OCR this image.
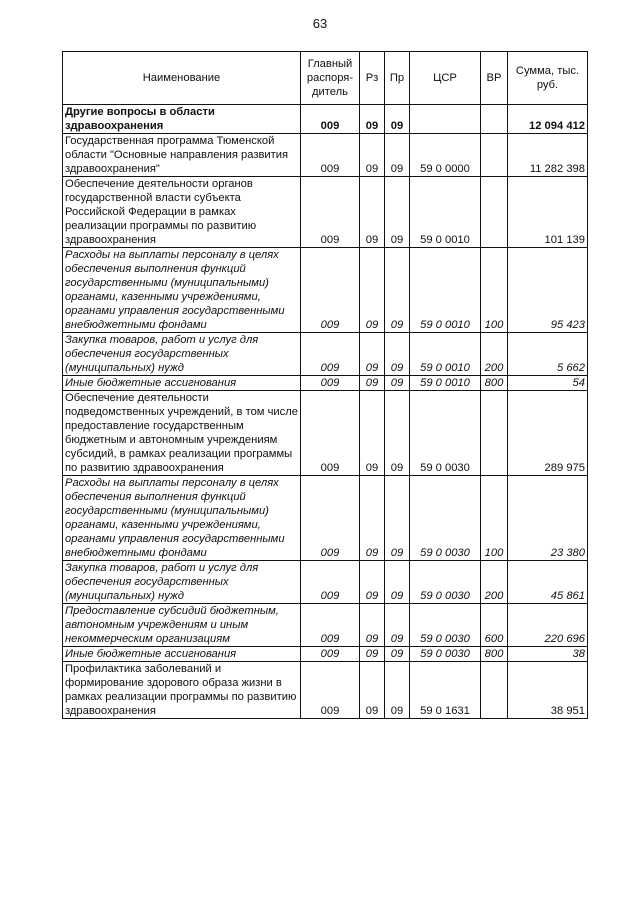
63
Наименование	Главный распоря- дитель	Рз	Пр	ЦСР	ВР	Сумма, тыс. руб.
Другие вопросы в области здравоохранения	009	09	09			12 094 412
Государственная программа Тюменской области "Основные направления развития здравоохранения"	009	09	09	59 0 0000		11 282 398
Обеспечение деятельности органов государственной власти субъекта Российской Федерации в рамках реализации программы по развитию здравоохранения	009	09	09	59 0 0010		101 139
Расходы на выплаты персоналу в целях обеспечения выполнения функций государственными (муниципальными) органами, казенными учреждениями, органами управления государственными внебюджетными фондами	009	09	09	59 0 0010	100	95 423
Закупка товаров, работ и услуг для обеспечения государственных (муниципальных) нужд	009	09	09	59 0 0010	200	5 662
Иные бюджетные ассигнования	009	09	09	59 0 0010	800	54
Обеспечение деятельности подведомственных учреждений, в том числе предоставление государственным бюджетным и автономным учреждениям субсидий, в рамках реализации программы по развитию здравоохранения	009	09	09	59 0 0030		289 975
Расходы на выплаты персоналу в целях обеспечения выполнения функций государственными (муниципальными) органами, казенными учреждениями, органами управления государственными внебюджетными фондами	009	09	09	59 0 0030	100	23 380
Закупка товаров, работ и услуг для обеспечения государственных (муниципальных) нужд	009	09	09	59 0 0030	200	45 861
Предоставление субсидий бюджетным, автономным учреждениям и иным некоммерческим организациям	009	09	09	59 0 0030	600	220 696
Иные бюджетные ассигнования	009	09	09	59 0 0030	800	38
Профилактика заболеваний и формирование здорового образа жизни в рамках реализации программы по развитию здравоохранения	009	09	09	59 0 1631		38 951
